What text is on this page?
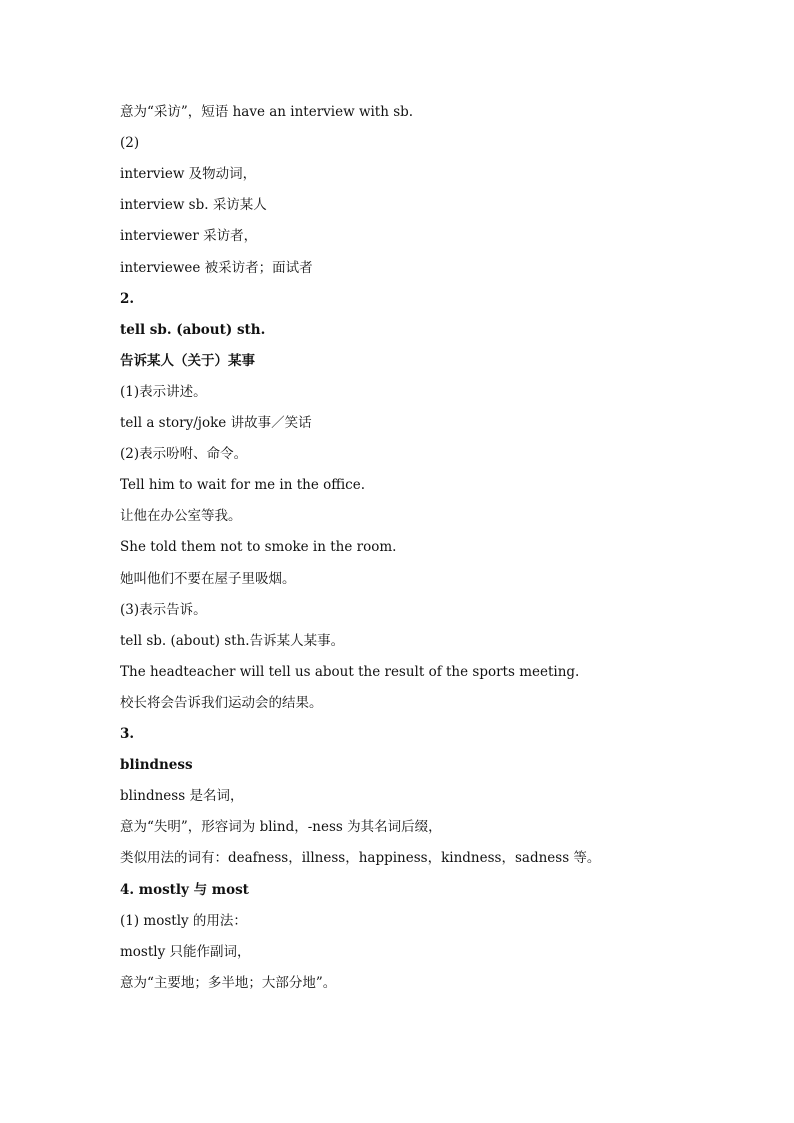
意为“采访”，短语 have an interview with sb.

(2)

interview 及物动词，

interview sb. 采访某人

interviewer 采访者，

interviewee 被采访者；面试者

2.

tell sb. (about) sth.

告诉某人（关于）某事

(1)表示讲述。

tell a story/joke 讲故事／笑话

(2)表示吩咐、命令。

Tell him to wait for me in the office.

让他在办公室等我。

She told them not to smoke in the room.

她叫他们不要在屋子里吸烟。

(3)表示告诉。

tell sb. (about) sth.告诉某人某事。

The headteacher will tell us about the result of the sports meeting.

校长将会告诉我们运动会的结果。

3.

blindness

blindness 是名词，

意为“失明”，形容词为 blind，-ness 为其名词后缀，

类似用法的词有：deafness，illness，happiness，kindness，sadness 等。

4. mostly 与 most

(1) mostly 的用法：

mostly 只能作副词，

意为“主要地；多半地；大部分地”。
